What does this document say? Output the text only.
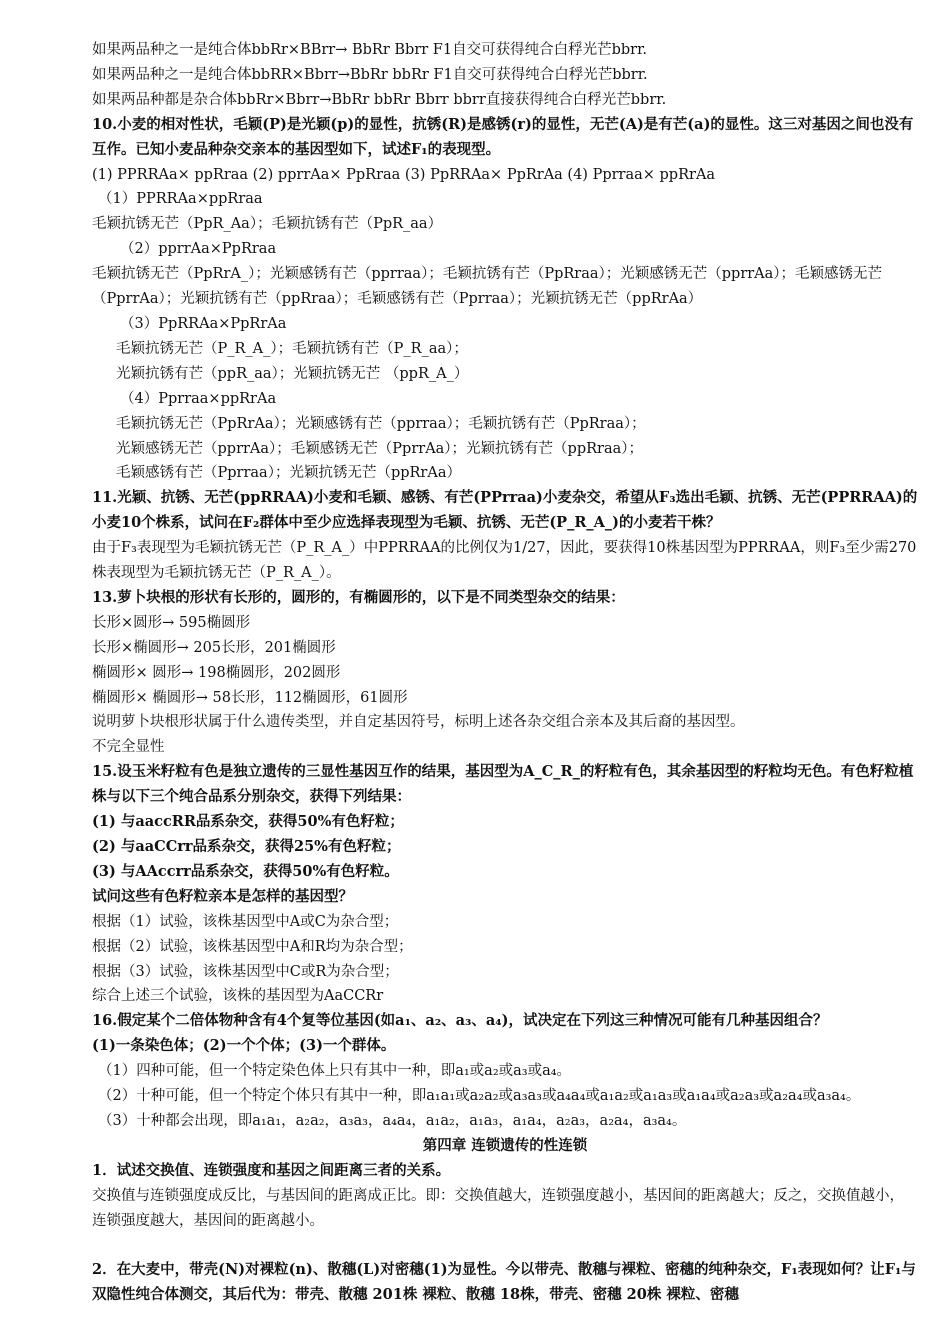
如果两品种之一是纯合体bbRr×BBrr→ BbRr Bbrr F1自交可获得纯合白稃光芒bbrr.
如果两品种之一是纯合体bbRR×Bbrr→BbRr bbRr F1自交可获得纯合白稃光芒bbrr.
如果两品种都是杂合体bbRr×Bbrr→BbRr bbRr Bbrr bbrr直接获得纯合白稃光芒bbrr.
10.小麦的相对性状，毛颖(P)是光颖(p)的显性，抗锈(R)是感锈(r)的显性，无芒(A)是有芒(a)的显性。这三对基因之间也没有互作。已知小麦品种杂交亲本的基因型如下，试述F₁的表现型。
(1) PPRRAa× ppRraa (2) pprrAa× PpRraa (3) PpRRAa× PpRrAa (4) Pprraa× ppRrAa
（1）PPRRAa×ppRraa
毛颖抗锈无芒（PpR_Aa）；毛颖抗锈有芒（PpR_aa）
（2）pprrAa×PpRraa
毛颖抗锈无芒（PpRrA_）；光颖感锈有芒（pprraa）；毛颖抗锈有芒（PpRraa）；光颖感锈无芒（pprrAa）；毛颖感锈无芒（PprrAa）；光颖抗锈有芒（ppRraa）；毛颖感锈有芒（Pprraa）；光颖抗锈无芒（ppRrAa）
（3）PpRRAa×PpRrAa
毛颖抗锈无芒（P_R_A_）；毛颖抗锈有芒（P_R_aa）；
光颖抗锈有芒（ppR_aa）；光颖抗锈无芒 （ppR_A_）
（4）Pprraa×ppRrAa
毛颖抗锈无芒（PpRrAa）；光颖感锈有芒（pprraa）；毛颖抗锈有芒（PpRraa）；
光颖感锈无芒（pprrAa）；毛颖感锈无芒（PprrAa）；光颖抗锈有芒（ppRraa）；
毛颖感锈有芒（Pprraa）；光颖抗锈无芒（ppRrAa）
11.光颖、抗锈、无芒(ppRRAA)小麦和毛颖、感锈、有芒(PPrraa)小麦杂交，希望从F₃选出毛颖、抗锈、无芒(PPRRAA)的小麦10个株系，试问在F₂群体中至少应选择表现型为毛颖、抗锈、无芒(P_R_A_)的小麦若干株？
由于F₃表现型为毛颖抗锈无芒（P_R_A_）中PPRRAA的比例仅为1/27，因此，要获得10株基因型为PPRRAA，则F₃至少需270株表现型为毛颖抗锈无芒（P_R_A_）。
13.萝卜块根的形状有长形的，圆形的，有椭圆形的，以下是不同类型杂交的结果：
长形×圆形→ 595椭圆形
长形×椭圆形→ 205长形，201椭圆形
椭圆形× 圆形→ 198椭圆形，202圆形
椭圆形× 椭圆形→ 58长形，112椭圆形，61圆形
说明萝卜块根形状属于什么遗传类型，并自定基因符号，标明上述各杂交组合亲本及其后裔的基因型。
不完全显性
15.设玉米籽粒有色是独立遗传的三显性基因互作的结果，基因型为A_C_R_的籽粒有色，其余基因型的籽粒均无色。有色籽粒植株与以下三个纯合品系分别杂交，获得下列结果：
(1) 与aaccRR品系杂交，获得50%有色籽粒；
(2) 与aaCCrr品系杂交，获得25%有色籽粒；
(3) 与AAccrr品系杂交，获得50%有色籽粒。
试问这些有色籽粒亲本是怎样的基因型？
根据（1）试验，该株基因型中A或C为杂合型；
根据（2）试验，该株基因型中A和R均为杂合型；
根据（3）试验，该株基因型中C或R为杂合型；
综合上述三个试验，该株的基因型为AaCCRr
16.假定某个二倍体物种含有4个复等位基因(如a₁、a₂、a₃、a₄)，试决定在下列这三种情况可能有几种基因组合？
(1)一条染色体；(2)一个个体；(3)一个群体。
（1）四种可能，但一个特定染色体上只有其中一种，即a₁或a₂或a₃或a₄。
（2）十种可能，但一个特定个体只有其中一种，即a₁a₁或a₂a₂或a₃a₃或a₄a₄或a₁a₂或a₁a₃或a₁a₄或a₂a₃或a₂a₄或a₃a₄。
（3）十种都会出现，即a₁a₁，a₂a₂，a₃a₃，a₄a₄，a₁a₂，a₁a₃，a₁a₄，a₂a₃，a₂a₄，a₃a₄。
第四章 连锁遗传的性连锁
1．试述交换值、连锁强度和基因之间距离三者的关系。
交换值与连锁强度成反比，与基因间的距离成正比。即：交换值越大，连锁强度越小，基因间的距离越大；反之，交换值越小，连锁强度越大，基因间的距离越小。
2．在大麦中，带壳(N)对裸粒(n)、散穗(L)对密穗(1)为显性。今以带壳、散穗与裸粒、密穗的纯种杂交，F₁表现如何？让F₁与双隐性纯合体测交，其后代为：带壳、散穗 201株 裸粒、散穗 18株，带壳、密穗 20株 裸粒、密穗
